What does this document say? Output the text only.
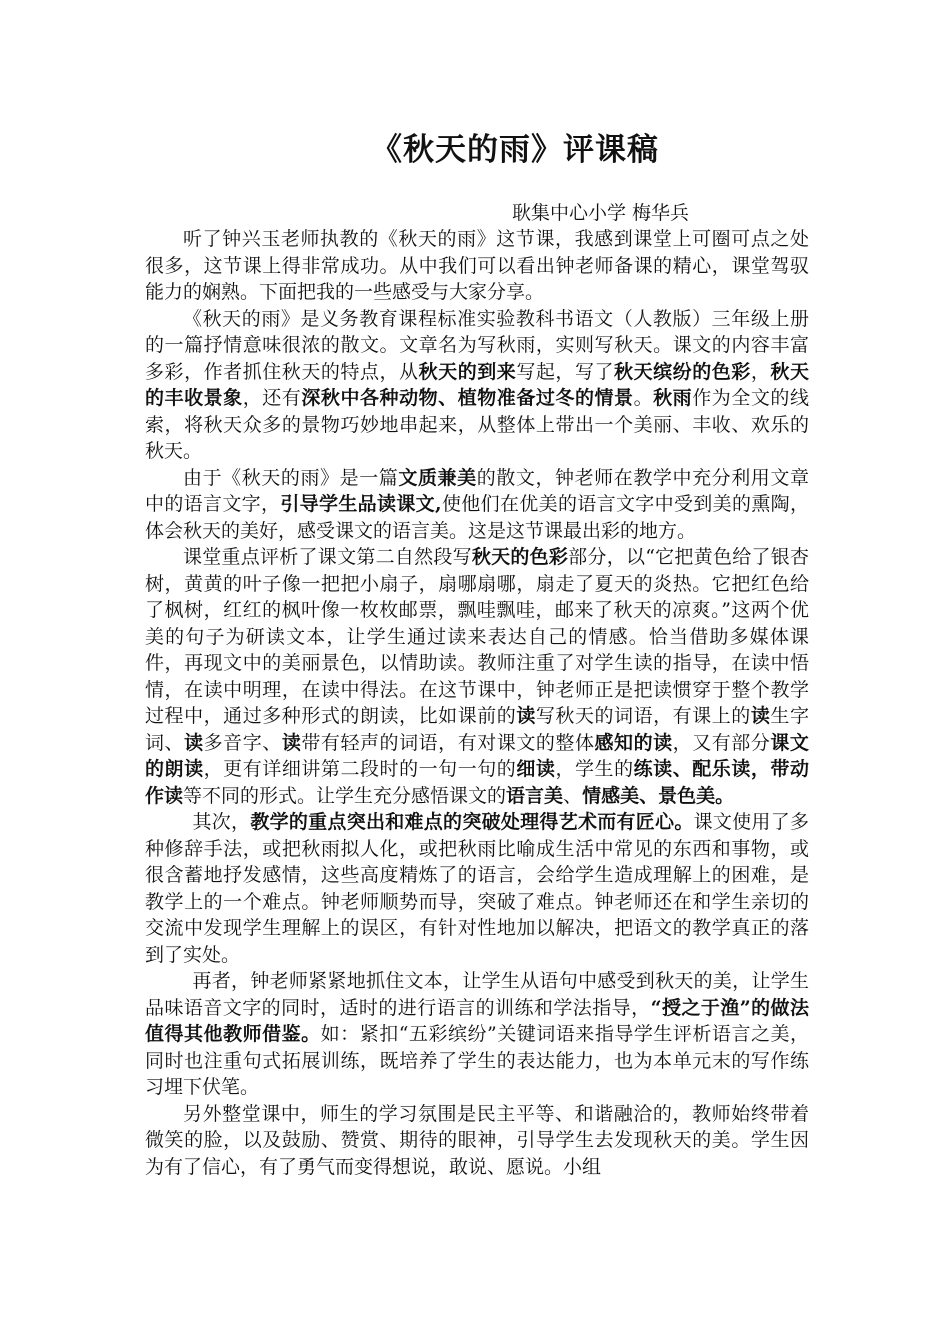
《秋天的雨》评课稿
耿集中心小学 梅华兵

听了钟兴玉老师执教的《秋天的雨》这节课，我感到课堂上可圈可点之处很多，这节课上得非常成功。从中我们可以看出钟老师备课的精心，课堂驾驭能力的娴熟。下面把我的一些感受与大家分享。

《秋天的雨》是义务教育课程标准实验教科书语文（人教版）三年级上册的一篇抒情意味很浓的散文。文章名为写秋雨，实则写秋天。课文的内容丰富多彩，作者抓住秋天的特点，从秋天的到来写起，写了秋天缤纷的色彩，秋天的丰收景象，还有深秋中各种动物、植物准备过冬的情景。秋雨作为全文的线索，将秋天众多的景物巧妙地串起来，从整体上带出一个美丽、丰收、欢乐的秋天。

由于《秋天的雨》是一篇文质兼美的散文，钟老师在教学中充分利用文章中的语言文字，引导学生品读课文,使他们在优美的语言文字中受到美的熏陶，体会秋天的美好，感受课文的语言美。这是这节课最出彩的地方。

课堂重点评析了课文第二自然段写秋天的色彩部分，以“它把黄色给了银杏树，黄黄的叶子像一把把小扇子，扇哪扇哪，扇走了夏天的炎热。它把红色给了枫树，红红的枫叶像一枚枚邮票，飘哇飘哇，邮来了秋天的凉爽。”这两个优美的句子为研读文本，让学生通过读来表达自己的情感。恰当借助多媒体课件，再现文中的美丽景色，以情助读。教师注重了对学生读的指导，在读中悟情，在读中明理，在读中得法。在这节课中，钟老师正是把读惯穿于整个教学过程中，通过多种形式的朗读，比如课前的读写秋天的词语，有课上的读生字词、读多音字、读带有轻声的词语，有对课文的整体感知的读，又有部分课文的朗读，更有详细讲第二段时的一句一句的细读，学生的练读、配乐读，带动作读等不同的形式。让学生充分感悟课文的语言美、情感美、景色美。

其次，教学的重点突出和难点的突破处理得艺术而有匠心。课文使用了多种修辞手法，或把秋雨拟人化，或把秋雨比喻成生活中常见的东西和事物，或很含蓄地抒发感情，这些高度精炼了的语言，会给学生造成理解上的困难，是教学上的一个难点。钟老师顺势而导，突破了难点。钟老师还在和学生亲切的交流中发现学生理解上的误区，有针对性地加以解决，把语文的教学真正的落到了实处。

再者，钟老师紧紧地抓住文本，让学生从语句中感受到秋天的美，让学生品味语音文字的同时，适时的进行语言的训练和学法指导，“授之于渔”的做法值得其他教师借鉴。如：紧扣“五彩缤纷”关键词语来指导学生评析语言之美，同时也注重句式拓展训练，既培养了学生的表达能力，也为本单元末的写作练习埋下伏笔。

另外整堂课中，师生的学习氛围是民主平等、和谐融洽的，教师始终带着微笑的脸，以及鼓励、赞赏、期待的眼神，引导学生去发现秋天的美。学生因为有了信心，有了勇气而变得想说，敢说、愿说。小组
